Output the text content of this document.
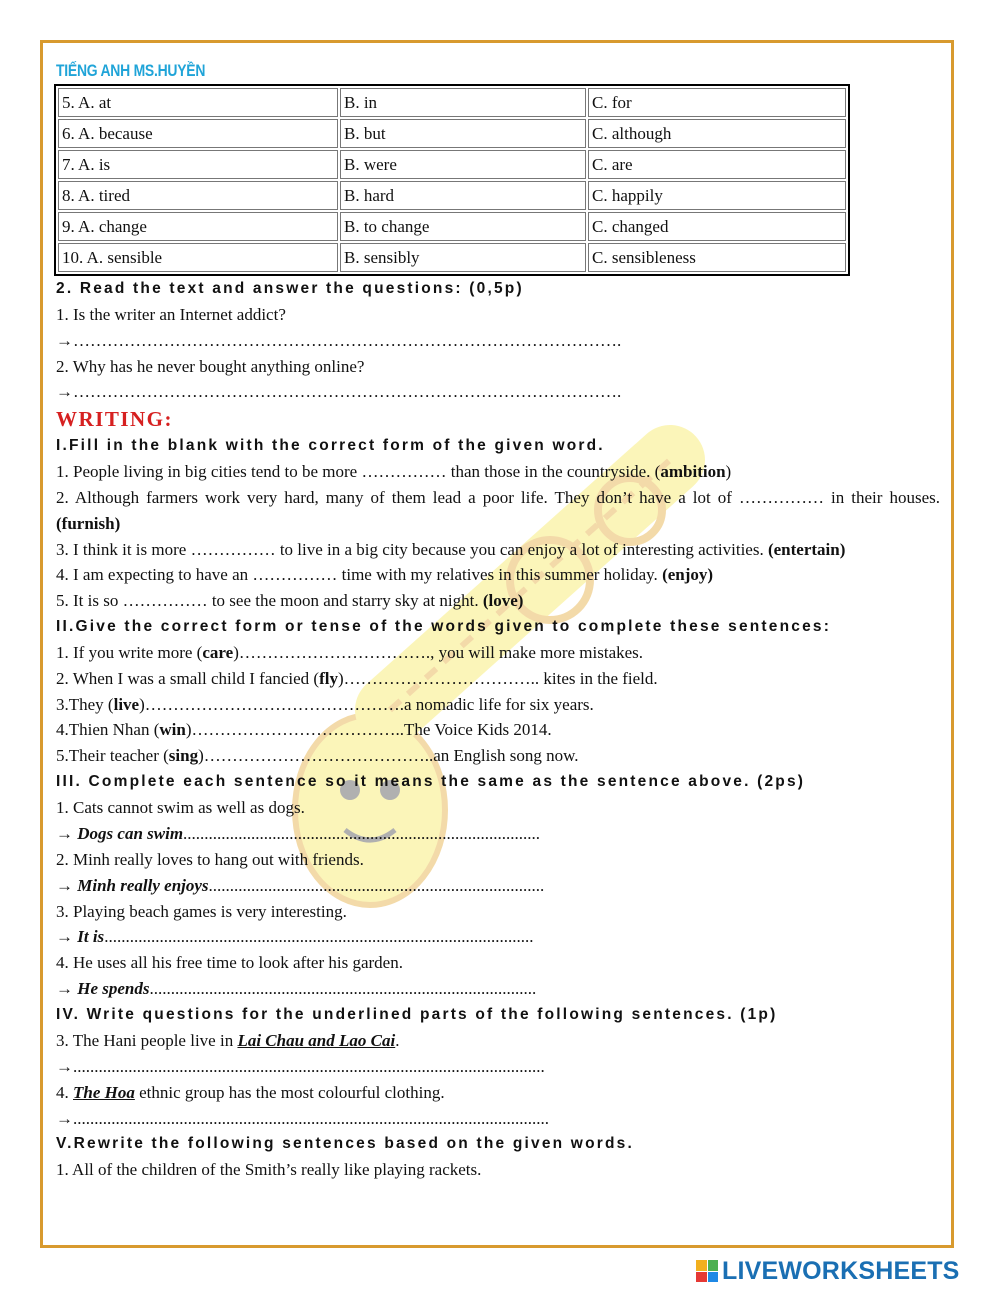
TIẾNG ANH MS.HUYỀN
5. A. at	B. in	C. for
6. A. because	B. but	C. although
7. A. is	B. were	C. are
8. A. tired	B. hard	C. happily
9. A. change	B. to change	C. changed
10. A. sensible	B. sensibly	C. sensibleness
2. Read the text and answer the questions: (0,5p)
1. Is the writer an Internet addict?
→…………………………………………………………………………………….
2. Why has he never bought anything online?
→…………………………………………………………………………………….
WRITING:
I.Fill in the blank with the correct form of the given word.
1. People living in big cities tend to be more …………… than those in the countryside. (ambition)
2. Although farmers work very hard, many of them lead a poor life. They don’t have a lot of …………… in their houses. (furnish)
3. I think it is more …………… to live in a big city because you can enjoy a lot of interesting activities. (entertain)
4. I am expecting to have an …………… time with my relatives in this summer holiday. (enjoy)
5. It is so …………… to see the moon and starry sky at night. (love)
II.Give the correct form or tense of the words given to complete these sentences:
1. If you write more (care)……………………………., you will make more mistakes.
2. When I was a small child I fancied (fly)…………………………….. kites in the field.
3.They (live)……………………………………….a nomadic life for six years.
4.Thien Nhan (win)………………………………..The Voice Kids 2014.
5.Their teacher (sing)…………………………………..an English song now.
III. Complete each sentence so it means the same as the sentence above. (2ps)
1. Cats cannot swim as well as dogs.
→ Dogs can swim....................................................................................
2. Minh really loves to hang out with friends.
→ Minh really enjoys...............................................................................
3. Playing beach games is very interesting.
→ It is.....................................................................................................
4. He uses all his free time to look after his garden.
→ He spends...........................................................................................
IV. Write questions for the underlined parts of the following sentences. (1p)
3. The Hani people live in Lai Chau and Lao Cai.
→...............................................................................................................
4. The Hoa ethnic group has the most colourful clothing.
→................................................................................................................
V.Rewrite the following sentences based on the given words.
1. All of the children of the Smith’s really like playing rackets.
LIVEWORKSHEETS
